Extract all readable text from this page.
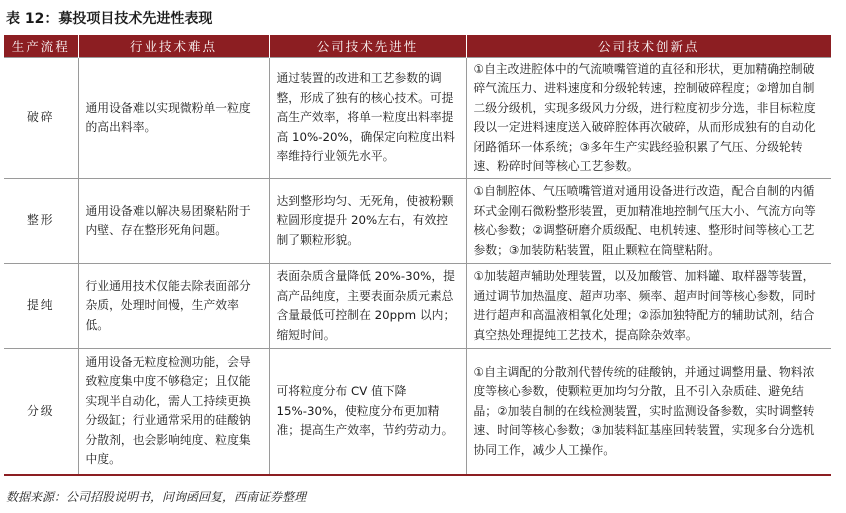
表 12：募投项目技术先进性表现
生产流程	行业技术难点	公司技术先进性	公司技术创新点
破碎	通用设备难以实现微粉单一粒度的高出料率。	通过装置的改进和工艺参数的调整，形成了独有的核心技术。可提高生产效率，将单一粒度出料率提高 10%-20%，确保定向粒度出料率维持行业领先水平。	①自主改进腔体中的气流喷嘴管道的直径和形状，更加精确控制破碎气流压力、进料速度和分级轮转速，控制破碎程度；②增加自制二级分级机，实现多级风力分级，进行粒度初步分选，非目标粒度段以一定进料速度送入破碎腔体再次破碎，从而形成独有的自动化闭路循环一体系统；③多年生产实践经验积累了气压、分级轮转速、粉碎时间等核心工艺参数。
整形	通用设备难以解决易团聚粘附于内壁、存在整形死角问题。	达到整形均匀、无死角，使被粉颗粒圆形度提升 20%左右，有效控制了颗粒形貌。	①自制腔体、气压喷嘴管道对通用设备进行改造，配合自制的内循环式金刚石微粉整形装置，更加精准地控制气压大小、气流方向等核心参数；②调整研磨介质级配、电机转速、整形时间等核心工艺参数；③加装防粘装置，阻止颗粒在筒壁粘附。
提纯	行业通用技术仅能去除表面部分杂质，处理时间慢，生产效率低。	表面杂质含量降低 20%-30%，提高产品纯度，主要表面杂质元素总含量最低可控制在 20ppm 以内；缩短时间。	①加装超声辅助处理装置，以及加酸管、加料罐、取样器等装置，通过调节加热温度、超声功率、频率、超声时间等核心参数，同时进行超声和高温液相氧化处理；②添加独特配方的辅助试剂，结合真空热处理提纯工艺技术，提高除杂效率。
分级	通用设备无粒度检测功能，会导致粒度集中度不够稳定；且仅能实现半自动化，需人工持续更换分级缸；行业通常采用的硅酸钠分散剂，也会影响纯度、粒度集中度。	可将粒度分布 CV 值下降 15%-30%，使粒度分布更加精准；提高生产效率，节约劳动力。	①自主调配的分散剂代替传统的硅酸钠，并通过调整用量、物料浓度等核心参数，使颗粒更加均匀分散，且不引入杂质硅、避免结晶；②加装自制的在线检测装置，实时监测设备参数，实时调整转速、时间等核心参数；③加装料缸基座回转装置，实现多台分选机协同工作，减少人工操作。
数据来源：公司招股说明书，问询函回复，西南证券整理
